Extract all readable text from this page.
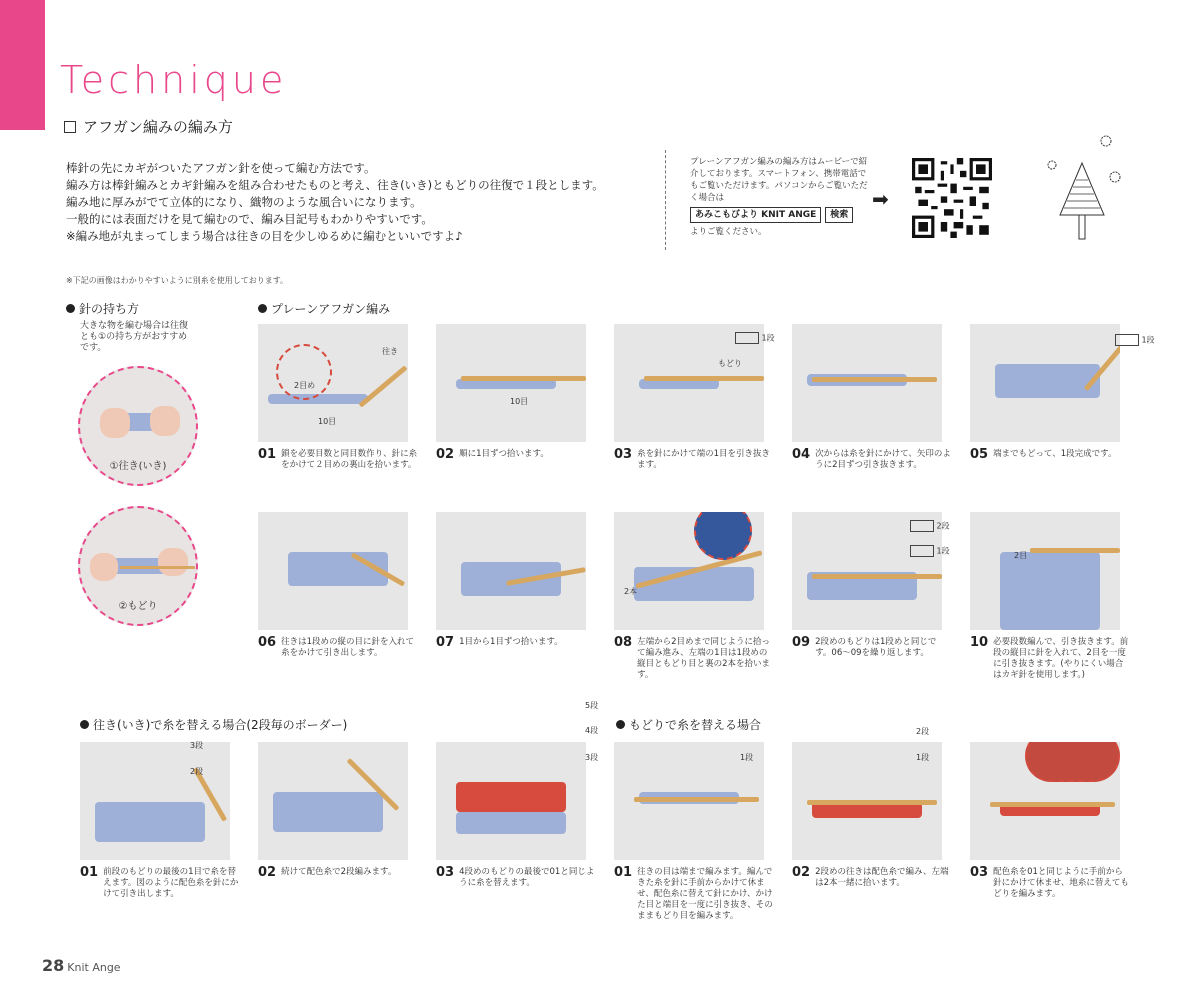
Technique
アフガン編みの編み方
棒針の先にカギがついたアフガン針を使って編む方法です。
編み方は棒針編みとカギ針編みを組み合わせたものと考え、往き(いき)ともどりの往復で１段とします。
編み地に厚みがでて立体的になり、織物のような風合いになります。
一般的には表面だけを見て編むので、編み目記号もわかりやすいです。
※編み地が丸まってしまう場合は往きの目を少しゆるめに編むといいですよ♪
※下記の画像はわかりやすいように別糸を使用しております。
プレーンアフガン編みの編み方はムービーで紹介しております。スマートフォン、携帯電話でもご覧いただけます。パソコンからご覧いただく場合は
あみこもびより KNIT ANGE	検索
よりご覧ください。
➡
針の持ち方	プレーンアフガン編み
往き(いき)で糸を替える場合(2段毎のボーダー)	もどりで糸を替える場合
大きな物を編む場合は往復とも①の持ち方がおすすめです。
①往き(いき)
②もどり
2目め
10目
往き
10目
もどり
2本
2目
1段
1段
2段
1段
01 鎖を必要目数と同目数作り、針に糸をかけて２目めの裏山を拾います。
02 順に1目ずつ拾います。	03 糸を針にかけて端の1目を引き抜きます。
04 次からは糸を針にかけて、矢印のように2目ずつ引き抜きます。
05 端までもどって、1段完成です。
06 往きは1段めの縦の目に針を入れて糸をかけて引き出します。
07 1目から1目ずつ拾います。	08 左端から2目めまで同じように拾って編み進み、左端の1目は1段めの縦目ともどり目と裏の2本を拾います。
09 2段めのもどりは1段めと同じです。06〜09を繰り返します。
10 必要段数編んで、引き抜きます。前段の縦目に針を入れて、2目を一度に引き抜きます。(やりにくい場合はカギ針を使用します。)
3段
2段
5段
4段
3段	1段
2段
1段
01 前段のもどりの最後の1目で糸を替えます。図のように配色糸を針にかけて引き出します。
02 続けて配色糸で2段編みます。	03 4段めのもどりの最後で01と同じように糸を替えます。
01 往きの目は端まで編みます。編んできた糸を針に手前からかけて休ませ、配色糸に替えて針にかけ、かけた目と端目を一度に引き抜き、そのままもどり目を編みます。
02 2段めの往きは配色糸で編み、左端は2本一緒に拾います。
03 配色糸を01と同じように手前から針にかけて休ませ、地糸に替えてもどりを編みます。
28 Knit Ange
